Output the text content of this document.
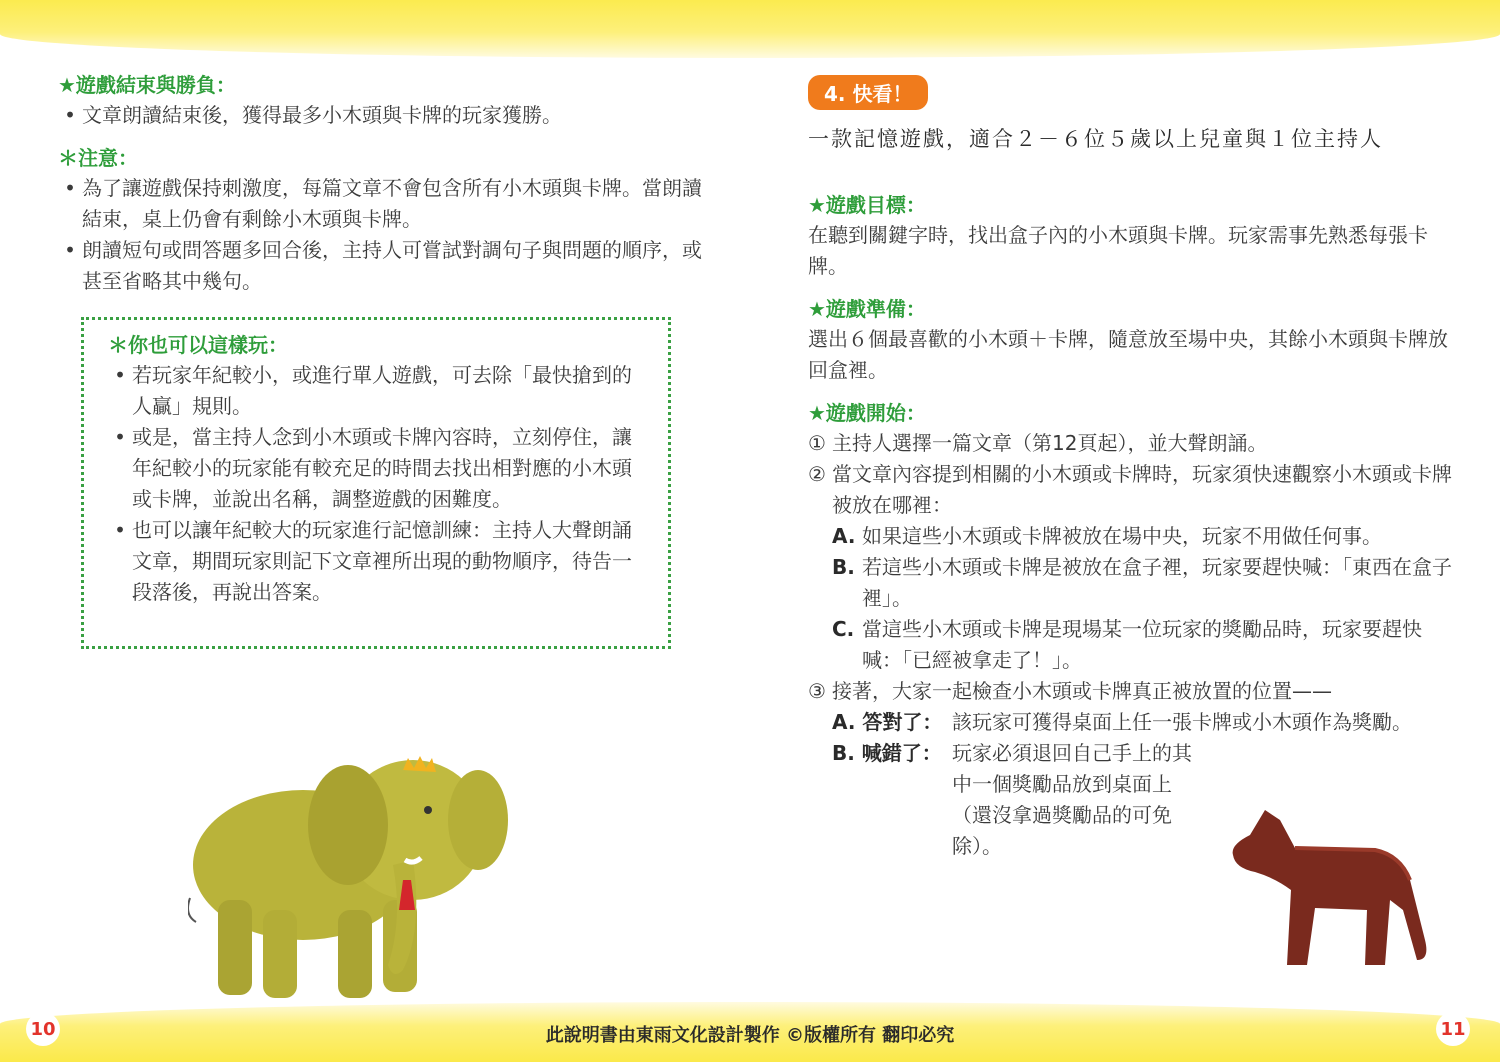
★遊戲結束與勝負：
• 文章朗讀結束後，獲得最多小木頭與卡牌的玩家獲勝。
＊注意：
• 為了讓遊戲保持刺激度，每篇文章不會包含所有小木頭與卡牌。當朗讀結束，桌上仍會有剩餘小木頭與卡牌。
• 朗讀短句或問答題多回合後，主持人可嘗試對調句子與問題的順序，或甚至省略其中幾句。
＊你也可以這樣玩：
• 若玩家年紀較小，或進行單人遊戲，可去除「最快搶到的人贏」規則。
• 或是，當主持人念到小木頭或卡牌內容時，立刻停住，讓年紀較小的玩家能有較充足的時間去找出相對應的小木頭或卡牌，並說出名稱，調整遊戲的困難度。
• 也可以讓年紀較大的玩家進行記憶訓練：主持人大聲朗誦文章，期間玩家則記下文章裡所出現的動物順序，待告一段落後，再說出答案。
4. 快看！
一款記憶遊戲，適合２－６位５歲以上兒童與１位主持人
★遊戲目標：
在聽到關鍵字時，找出盒子內的小木頭與卡牌。玩家需事先熟悉每張卡牌。
★遊戲準備：
選出６個最喜歡的小木頭＋卡牌，隨意放至場中央，其餘小木頭與卡牌放回盒裡。
★遊戲開始：
① 主持人選擇一篇文章（第12頁起），並大聲朗誦。
② 當文章內容提到相關的小木頭或卡牌時，玩家須快速觀察小木頭或卡牌被放在哪裡：
A. 如果這些小木頭或卡牌被放在場中央，玩家不用做任何事。
B. 若這些小木頭或卡牌是被放在盒子裡，玩家要趕快喊：「東西在盒子裡」。
C. 當這些小木頭或卡牌是現場某一位玩家的獎勵品時，玩家要趕快喊：「已經被拿走了！」。
③ 接著，大家一起檢查小木頭或卡牌真正被放置的位置——
A. 答對了： 該玩家可獲得桌面上任一張卡牌或小木頭作為獎勵。
B. 喊錯了： 玩家必須退回自己手上的其中一個獎勵品放到桌面上（還沒拿過獎勵品的可免除）。
10	11
此說明書由東雨文化設計製作 ©版權所有 翻印必究
